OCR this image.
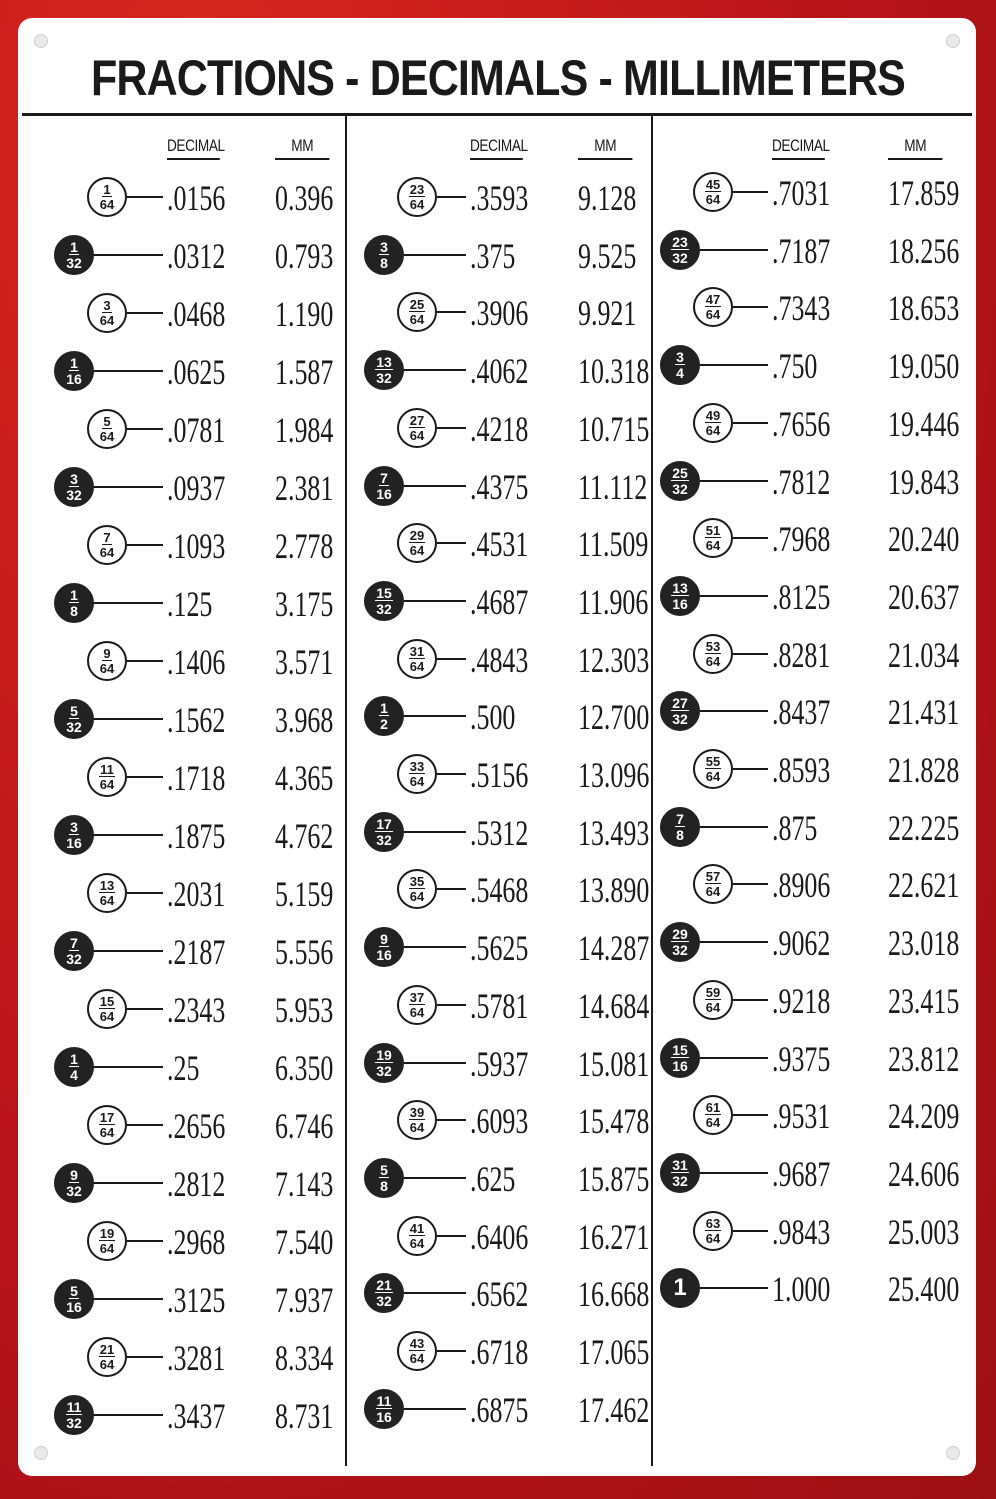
FRACTIONS - DECIMALS - MILLIMETERS
DECIMAL	MM
$\frac{1}{64} .0156$ 0.396
$\frac{1}{32} .0312$ 0.793
$\frac{3}{64} .0468$ 1.190
$\frac{1}{16} .0625$ 1.587
$\frac{5}{64} .0781$ 1.984
$\frac{3}{32} .0937$ 2.381
$\frac{7}{64} .1093$ 2.778
$\frac{1}{8} .125$ 3.175
$\frac{9}{64} .1406$ 3.571
$\frac{5}{32} .1562$ 3.968
$\frac{11}{64} .1718$ 4.365
$\frac{3}{16} .1875$ 4.762
$\frac{13}{64} .2031$ 5.159
$\frac{7}{32} .2187$ 5.556
$\frac{15}{64} .2343$ 5.953
$\frac{1}{4} .25$ 6.350
$\frac{17}{64} .2656$ 6.746
$\frac{9}{32} .2812$ 7.143
$\frac{19}{64} .2968$ 7.540
$\frac{5}{16} .3125$ 7.937
$\frac{21}{64} .3281$ 8.334
$\frac{11}{32} .3437$ 8.731
DECIMAL	MM
$\frac{23}{64} .3593$ 9.128
$\frac{3}{8} .375$ 9.525
$\frac{25}{64} .3906$ 9.921
$\frac{13}{32} .4062$ 10.318
$\frac{27}{64} .4218$ 10.715
$\frac{7}{16} .4375$ 11.112
$\frac{29}{64} .4531$ 11.509
$\frac{15}{32} .4687$ 11.906
$\frac{31}{64} .4843$ 12.303
$\frac{1}{2} .500$ 12.700
$\frac{33}{64} .5156$ 13.096
$\frac{17}{32} .5312$ 13.493
$\frac{35}{64} .5468$ 13.890
$\frac{9}{16} .5625$ 14.287
$\frac{37}{64} .5781$ 14.684
$\frac{19}{32} .5937$ 15.081
$\frac{39}{64} .6093$ 15.478
$\frac{5}{8} .625$ 15.875
$\frac{41}{64} .6406$ 16.271
$\frac{21}{32} .6562$ 16.668
$\frac{43}{64} .6718$ 17.065
$\frac{11}{16} .6875$ 17.462
DECIMAL	MM
$\frac{45}{64} .7031$ 17.859
$\frac{23}{32} .7187$ 18.256
$\frac{47}{64} .7343$ 18.653
$\frac{3}{4} .750$ 19.050
$\frac{49}{64} .7656$ 19.446
$\frac{25}{32} .7812$ 19.843
$\frac{51}{64} .7968$ 20.240
$\frac{13}{16} .8125$ 20.637
$\frac{53}{64} .8281$ 21.034
$\frac{27}{32} .8437$ 21.431
$\frac{55}{64} .8593$ 21.828
$\frac{7}{8} .875$ 22.225
$\frac{57}{64} .8906$ 22.621
$\frac{29}{32} .9062$ 23.018
$\frac{59}{64} .9218$ 23.415
$\frac{15}{16} .9375$ 23.812
$\frac{61}{64} .9531$ 24.209
$\frac{31}{32} .9687$ 24.606
$\frac{63}{64} .9843$ 25.003
1 1.000 25.400
